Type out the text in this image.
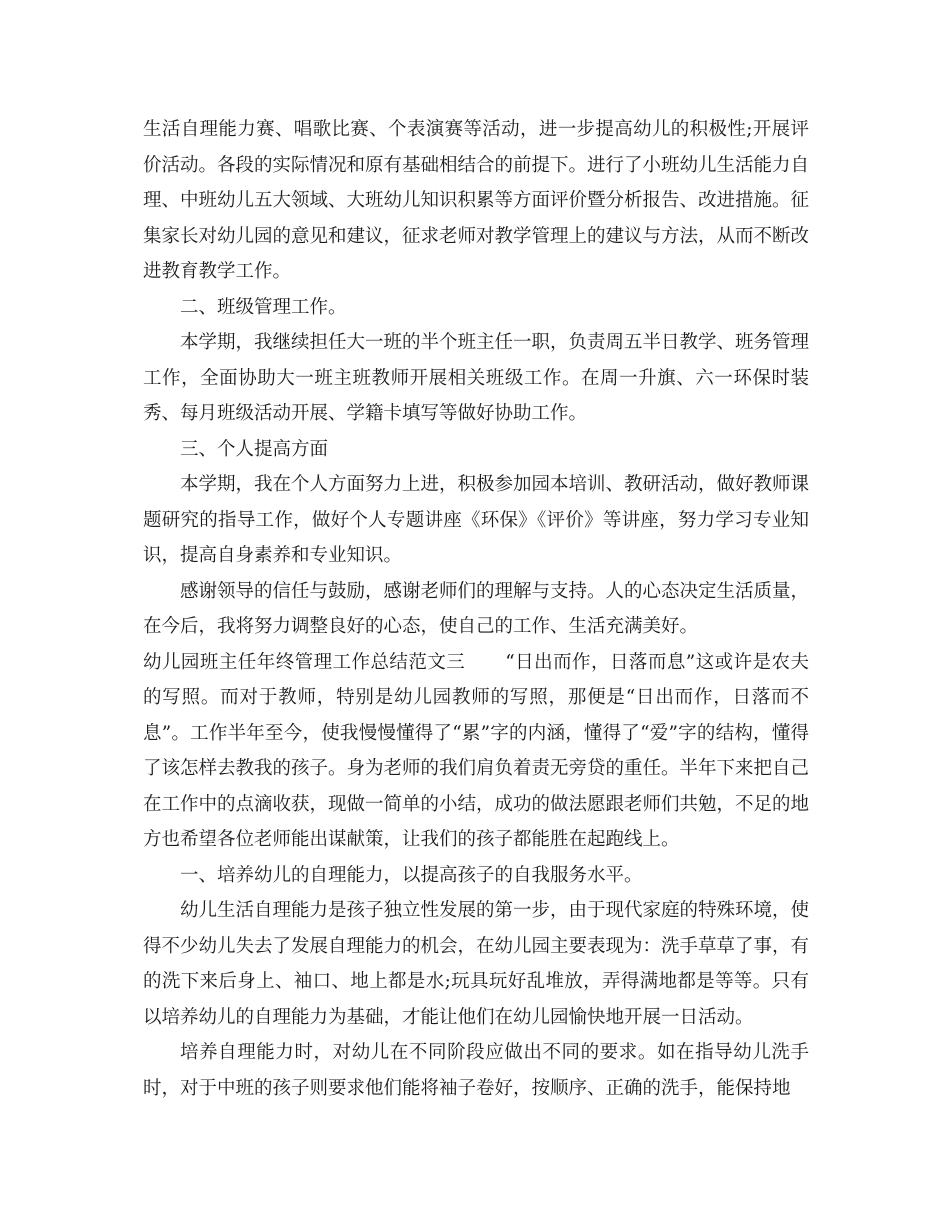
生活自理能力赛、唱歌比赛、个表演赛等活动，进一步提高幼儿的积极性;开展评价活动。各段的实际情况和原有基础相结合的前提下。进行了小班幼儿生活能力自理、中班幼儿五大领域、大班幼儿知识积累等方面评价暨分析报告、改进措施。征集家长对幼儿园的意见和建议，征求老师对教学管理上的建议与方法，从而不断改进教育教学工作。

二、班级管理工作。

本学期，我继续担任大一班的半个班主任一职，负责周五半日教学、班务管理工作，全面协助大一班主班教师开展相关班级工作。在周一升旗、六一环保时装秀、每月班级活动开展、学籍卡填写等做好协助工作。

三、个人提高方面

本学期，我在个人方面努力上进，积极参加园本培训、教研活动，做好教师课题研究的指导工作，做好个人专题讲座《环保》《评价》等讲座，努力学习专业知识，提高自身素养和专业知识。

感谢领导的信任与鼓励，感谢老师们的理解与支持。人的心态决定生活质量，在今后，我将努力调整良好的心态，使自己的工作、生活充满美好。

幼儿园班主任年终管理工作总结范文三 “日出而作，日落而息”这或许是农夫的写照。而对于教师，特别是幼儿园教师的写照，那便是“日出而作，日落而不息”。工作半年至今，使我慢慢懂得了“累”字的内涵，懂得了“爱”字的结构，懂得了该怎样去教我的孩子。身为老师的我们肩负着责无旁贷的重任。半年下来把自己在工作中的点滴收获，现做一简单的小结，成功的做法愿跟老师们共勉，不足的地方也希望各位老师能出谋献策，让我们的孩子都能胜在起跑线上。

一、培养幼儿的自理能力，以提高孩子的自我服务水平。

幼儿生活自理能力是孩子独立性发展的第一步，由于现代家庭的特殊环境，使得不少幼儿失去了发展自理能力的机会，在幼儿园主要表现为：洗手草草了事，有的洗下来后身上、袖口、地上都是水;玩具玩好乱堆放，弄得满地都是等等。只有以培养幼儿的自理能力为基础，才能让他们在幼儿园愉快地开展一日活动。

培养自理能力时，对幼儿在不同阶段应做出不同的要求。如在指导幼儿洗手时，对于中班的孩子则要求他们能将袖子卷好，按顺序、正确的洗手，能保持地
